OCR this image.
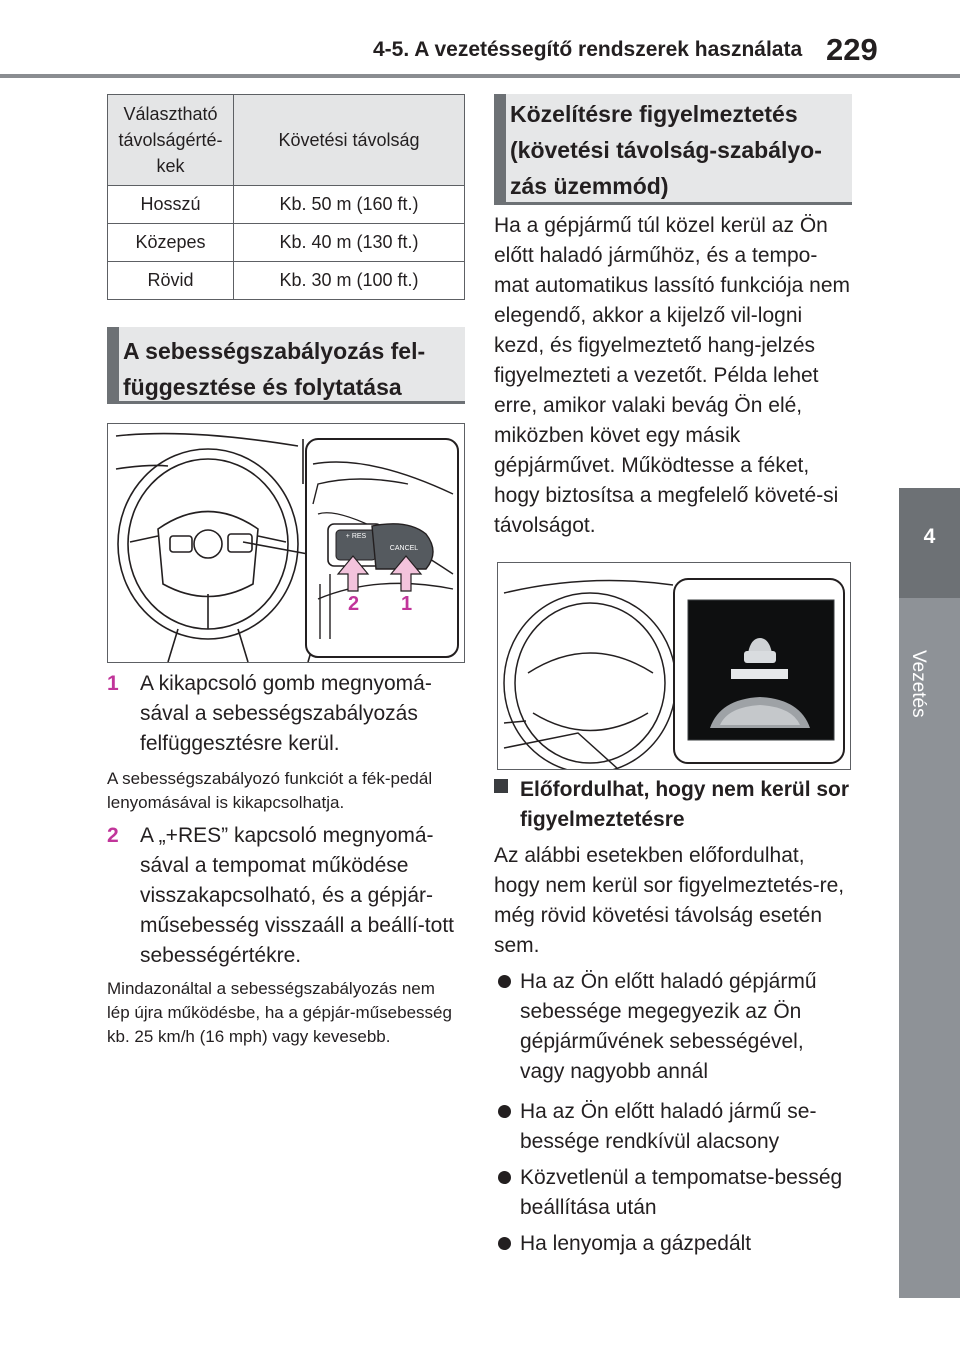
4-5. A vezetéssegítő rendszerek használata 229
4
Vezetés
Választható távolságérté-kek	Követési távolság
Hosszú	Kb. 50 m (160 ft.)
Közepes	Kb. 40 m (130 ft.)
Rövid	Kb. 30 m (100 ft.)
A sebességszabályozás fel-függesztése és folytatása
+ RES
CANCEL
2 1
1 A kikapcsoló gomb megnyomá-sával a sebességszabályozás felfüggesztésre kerül.
A sebességszabályozó funkciót a fék-pedál lenyomásával is kikapcsolhatja.
2 A „+RES” kapcsoló megnyomá-sával a tempomat működése visszakapcsolható, és a gépjár-műsebesség visszaáll a beállí-tott sebességértékre.
Mindazonáltal a sebességszabályozás nem lép újra működésbe, ha a gépjár-műsebesség kb. 25 km/h (16 mph) vagy kevesebb.
Közelítésre figyelmeztetés (követési távolság-szabályo-zás üzemmód)
Ha a gépjármű túl közel kerül az Ön előtt haladó járműhöz, és a tempo-mat automatikus lassító funkciója nem elegendő, akkor a kijelző vil-logni kezd, és figyelmeztető hang-jelzés figyelmezteti a vezetőt. Példa lehet erre, amikor valaki bevág Ön elé, miközben követ egy másik gépjárművet. Működtesse a féket, hogy biztosítsa a megfelelő követé-si távolságot.
Előfordulhat, hogy nem kerül sor figyelmeztetésre
Az alábbi esetekben előfordulhat, hogy nem kerül sor figyelmeztetés-re, még rövid követési távolság esetén sem.
Ha az Ön előtt haladó gépjármű sebessége megegyezik az Ön gépjárművének sebességével, vagy nagyobb annál
Ha az Ön előtt haladó jármű se-bessége rendkívül alacsony
Közvetlenül a tempomatse-besség beállítása után
Ha lenyomja a gázpedált
